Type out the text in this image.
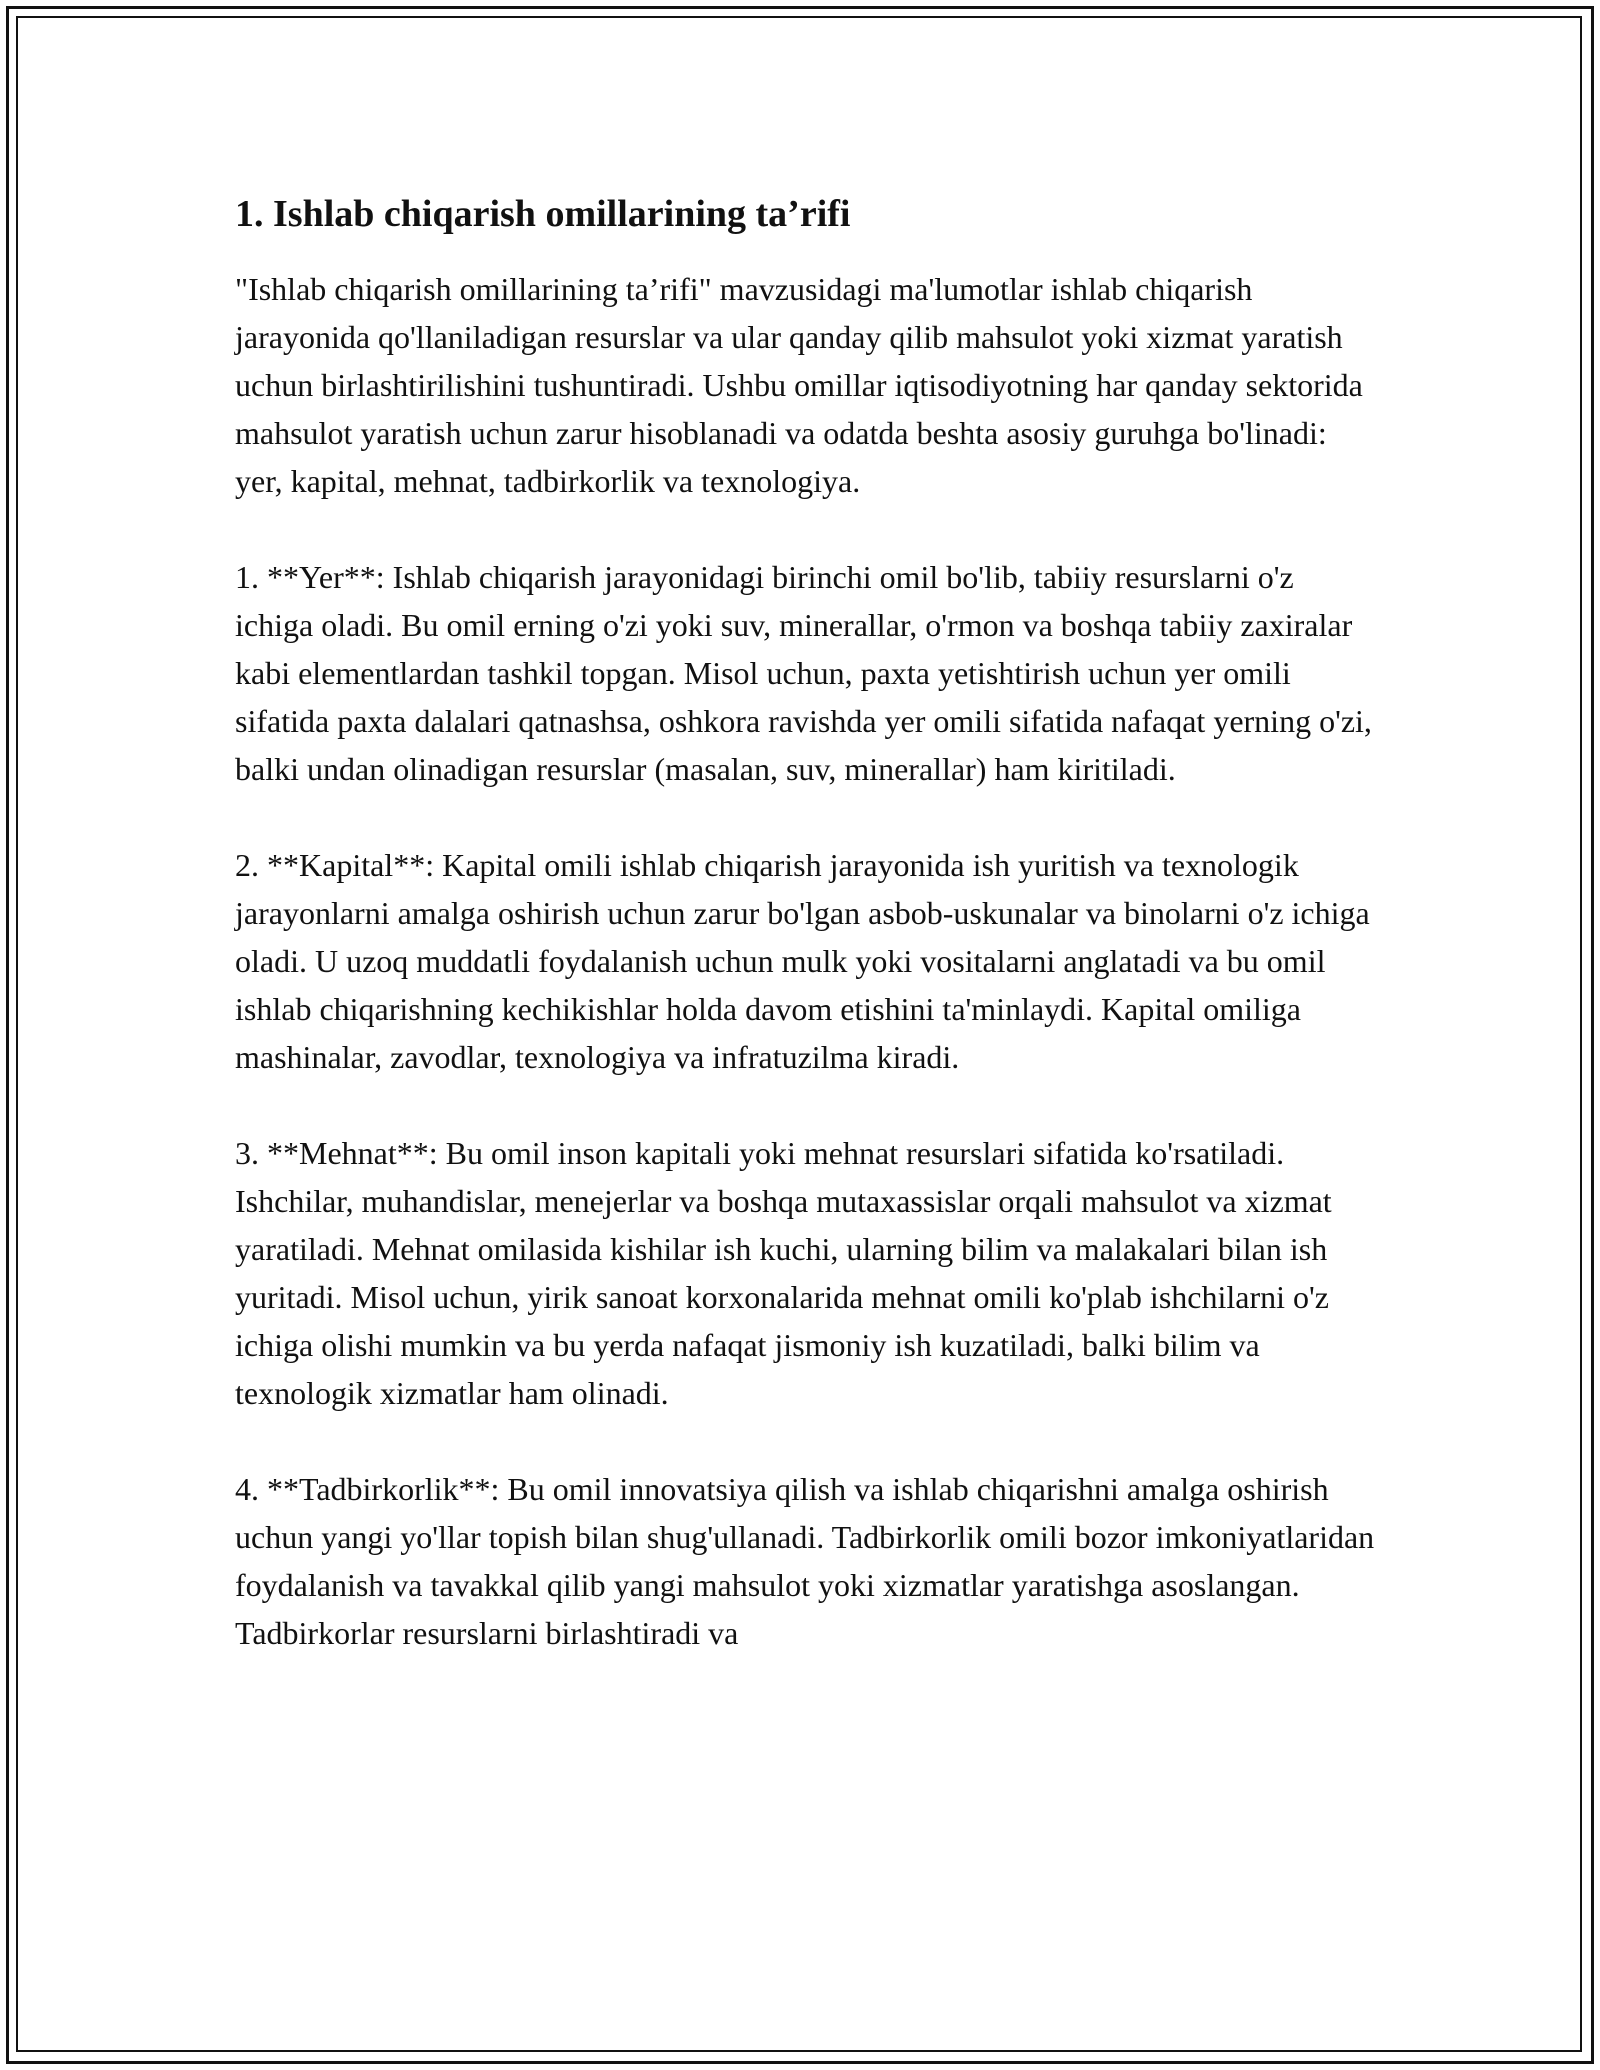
1. Ishlab chiqarish omillarining ta’rifi

"Ishlab chiqarish omillarining ta’rifi" mavzusidagi ma'lumotlar ishlab chiqarish jarayonida qo'llaniladigan resurslar va ular qanday qilib mahsulot yoki xizmat yaratish uchun birlashtirilishini tushuntiradi. Ushbu omillar iqtisodiyotning har qanday sektorida mahsulot yaratish uchun zarur hisoblanadi va odatda beshta asosiy guruhga bo'linadi: yer, kapital, mehnat, tadbirkorlik va texnologiya.

1. **Yer**: Ishlab chiqarish jarayonidagi birinchi omil bo'lib, tabiiy resurslarni o'z ichiga oladi. Bu omil erning o'zi yoki suv, minerallar, o'rmon va boshqa tabiiy zaxiralar kabi elementlardan tashkil topgan. Misol uchun, paxta yetishtirish uchun yer omili sifatida paxta dalalari qatnashsa, oshkora ravishda yer omili sifatida nafaqat yerning o'zi, balki undan olinadigan resurslar (masalan, suv, minerallar) ham kiritiladi.

2. **Kapital**: Kapital omili ishlab chiqarish jarayonida ish yuritish va texnologik jarayonlarni amalga oshirish uchun zarur bo'lgan asbob-uskunalar va binolarni o'z ichiga oladi. U uzoq muddatli foydalanish uchun mulk yoki vositalarni anglatadi va bu omil ishlab chiqarishning kechikishlar holda davom etishini ta'minlaydi. Kapital omiliga mashinalar, zavodlar, texnologiya va infratuzilma kiradi.

3. **Mehnat**: Bu omil inson kapitali yoki mehnat resurslari sifatida ko'rsatiladi. Ishchilar, muhandislar, menejerlar va boshqa mutaxassislar orqali mahsulot va xizmat yaratiladi. Mehnat omilasida kishilar ish kuchi, ularning bilim va malakalari bilan ish yuritadi. Misol uchun, yirik sanoat korxonalarida mehnat omili ko'plab ishchilarni o'z ichiga olishi mumkin va bu yerda nafaqat jismoniy ish kuzatiladi, balki bilim va texnologik xizmatlar ham olinadi.

4. **Tadbirkorlik**: Bu omil innovatsiya qilish va ishlab chiqarishni amalga oshirish uchun yangi yo'llar topish bilan shug'ullanadi. Tadbirkorlik omili bozor imkoniyatlaridan foydalanish va tavakkal qilib yangi mahsulot yoki xizmatlar yaratishga asoslangan. Tadbirkorlar resurslarni birlashtiradi va
